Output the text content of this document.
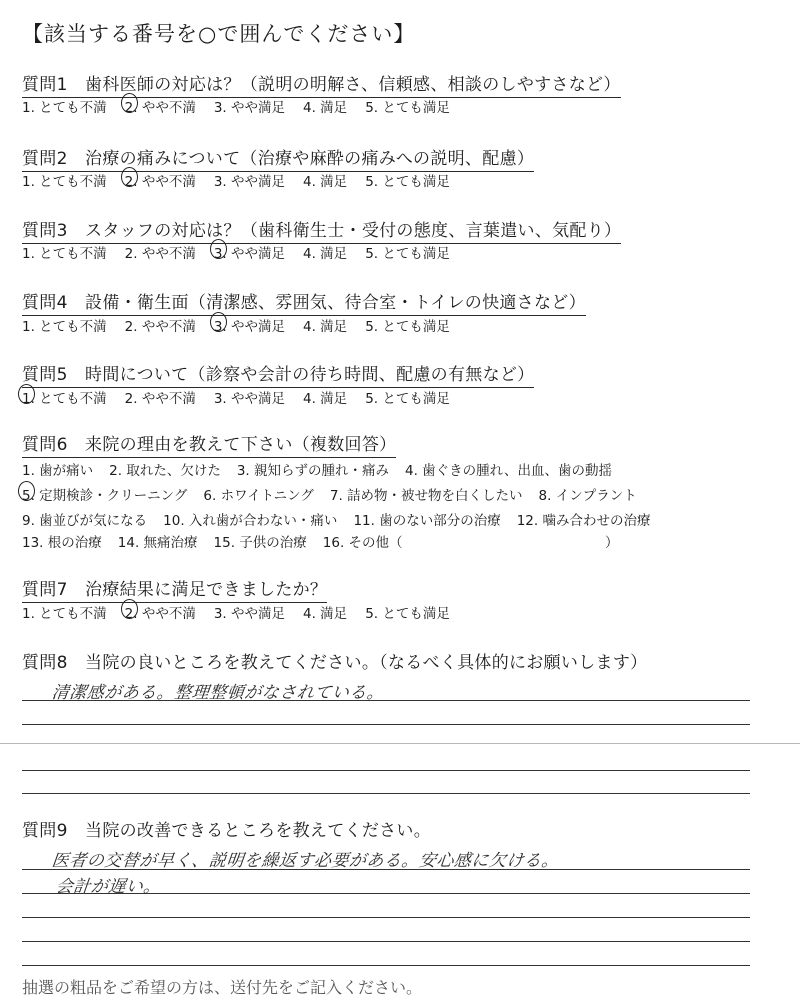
【該当する番号を○で囲んでください】
質問1　歯科医師の対応は？（説明の明解さ、信頼感、相談のしやすさなど）
1. とても不満 2. やや不満 3. やや満足 4. 満足 5. とても満足
質問2　治療の痛みについて（治療や麻酔の痛みへの説明、配慮）
1. とても不満 2. やや不満 3. やや満足 4. 満足 5. とても満足
質問3　スタッフの対応は？（歯科衛生士・受付の態度、言葉遣い、気配り）
1. とても不満 2. やや不満 3. やや満足 4. 満足 5. とても満足
質問4　設備・衛生面（清潔感、雰囲気、待合室・トイレの快適さなど）
1. とても不満 2. やや不満 3. やや満足 4. 満足 5. とても満足
質問5　時間について（診察や会計の待ち時間、配慮の有無など）
1. とても不満 2. やや不満 3. やや満足 4. 満足 5. とても満足
質問6　来院の理由を教えて下さい（複数回答）
1. 歯が痛い 2. 取れた、欠けた 3. 親知らずの腫れ・痛み 4. 歯ぐきの腫れ、出血、歯の動揺
5. 定期検診・クリーニング 6. ホワイトニング 7. 詰め物・被せ物を白くしたい 8. インプラント
9. 歯並びが気になる 10. 入れ歯が合わない・痛い 11. 歯のない部分の治療 12. 噛み合わせの治療
13. 根の治療 14. 無痛治療 15. 子供の治療 16. その他（　　　　　　　　　　　　　　　）
質問7　治療結果に満足できましたか？
1. とても不満 2. やや不満 3. やや満足 4. 満足 5. とても満足
質問8　当院の良いところを教えてください。（なるべく具体的にお願いします）
清潔感がある。整理整頓がなされている。
質問9　当院の改善できるところを教えてください。
医者の交替が早く、説明を繰返す必要がある。安心感に欠ける。
会計が遅い。
抽選の粗品をご希望の方は、送付先をご記入ください。
